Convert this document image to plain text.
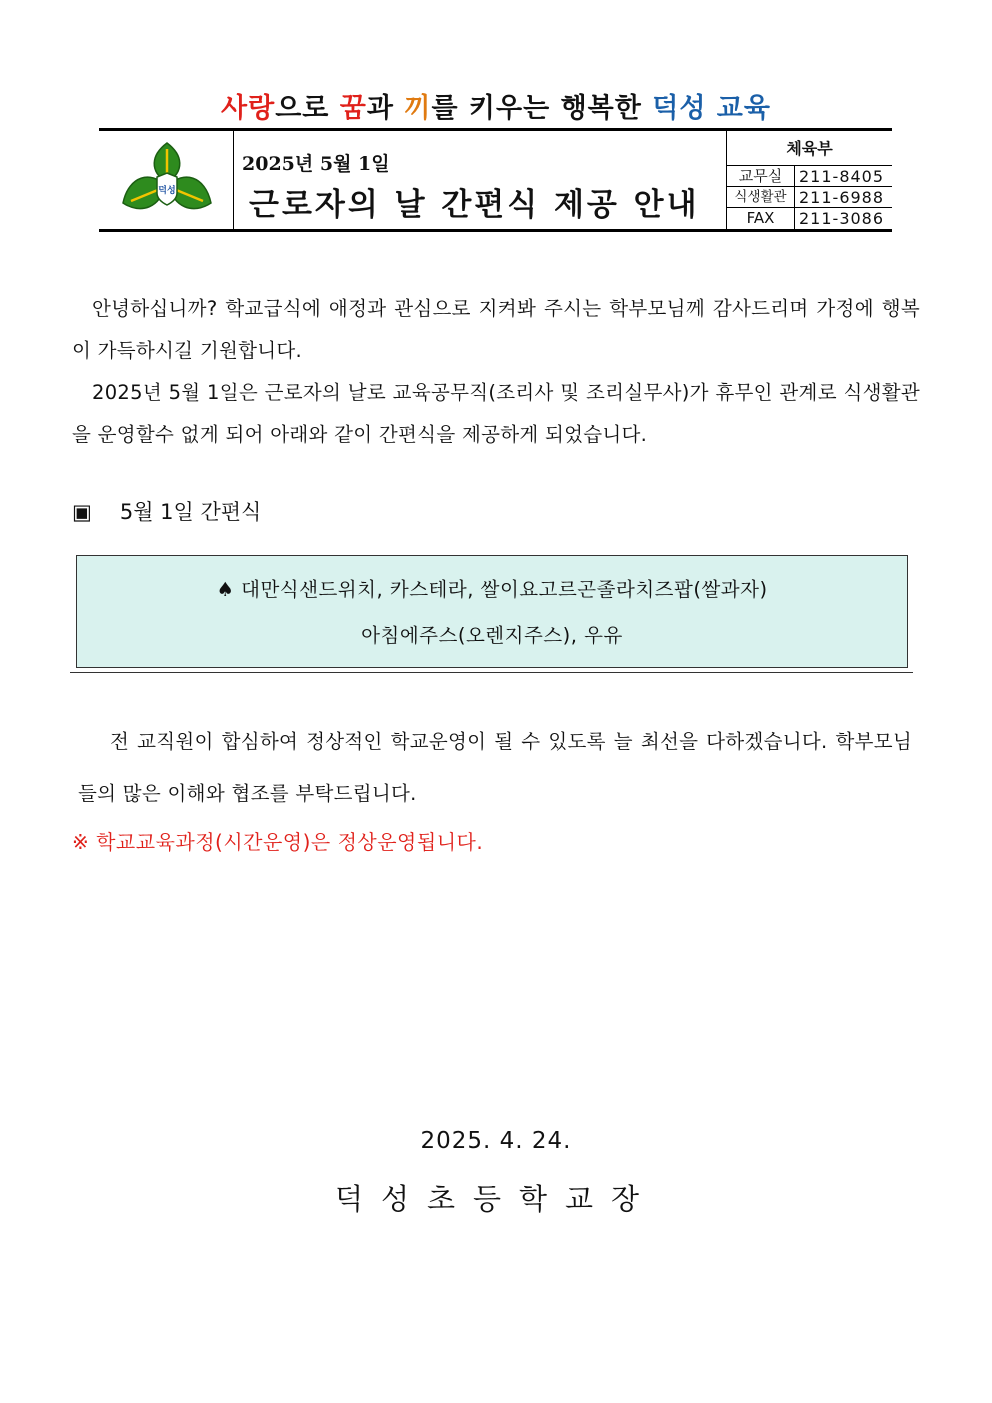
사랑으로 꿈과 끼를 키우는 행복한 덕성 교육
덕성
2025년 5월 1일
근로자의 날 간편식 제공 안내
체육부
교무실	211-8405
식생활관 211-6988
FAX	211-3086

안녕하십니까? 학교급식에 애정과 관심으로 지켜봐 주시는 학부모님께 감사드리며 가정에 행복이 가득하시길 기원합니다.

2025년 5월 1일은 근로자의 날로 교육공무직(조리사 및 조리실무사)가 휴무인 관계로 식생활관을 운영할수 없게 되어 아래와 같이 간편식을 제공하게 되었습니다.

▣ 5월 1일 간편식
♠ 대만식샌드위치, 카스테라, 쌀이요고르곤졸라치즈팝(쌀과자)
아침에주스(오렌지주스), 우유

전 교직원이 합심하여 정상적인 학교운영이 될 수 있도록 늘 최선을 다하겠습니다. 학부모님들의 많은 이해와 협조를 부탁드립니다.

※ 학교교육과정(시간운영)은 정상운영됩니다.
2025. 4. 24.
덕성초등학교장
